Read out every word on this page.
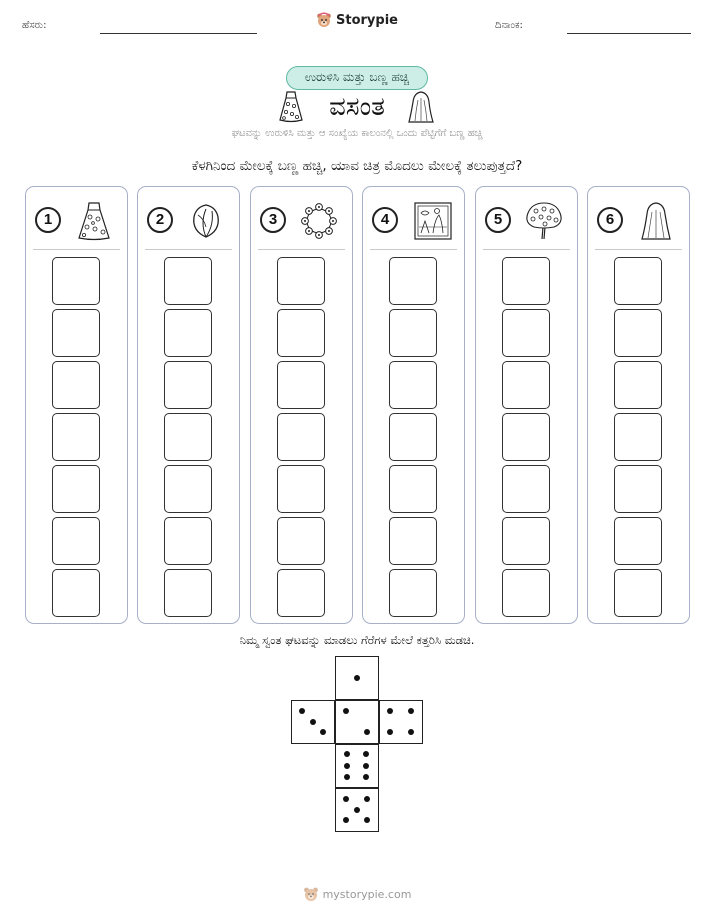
ಹೆಸರು:	Storypie	ದಿನಾಂಕ:
ಉರುಳಿಸಿ ಮತ್ತು ಬಣ್ಣ ಹಚ್ಚಿ
ವಸಂತ
ಘಟವನ್ನು ಉರುಳಿಸಿ ಮತ್ತು ಆ ಸಂಖ್ಯೆಯ ಕಾಲಂನಲ್ಲಿ ಒಂದು ಪೆಟ್ಟಿಗೆಗೆ ಬಣ್ಣ ಹಚ್ಚಿ
ಕೆಳಗಿನಿಂದ ಮೇಲಕ್ಕೆ ಬಣ್ಣ ಹಚ್ಚಿ, ಯಾವ ಚಿತ್ರ ಮೊದಲು ಮೇಲಕ್ಕೆ ತಲುಪುತ್ತದೆ?
1	2	3	4	5	6
ನಿಮ್ಮ ಸ್ವಂತ ಘಟವನ್ನು ಮಾಡಲು ಗೆರೆಗಳ ಮೇಲೆ ಕತ್ತರಿಸಿ ಮಡಚಿ.
mystorypie.com
